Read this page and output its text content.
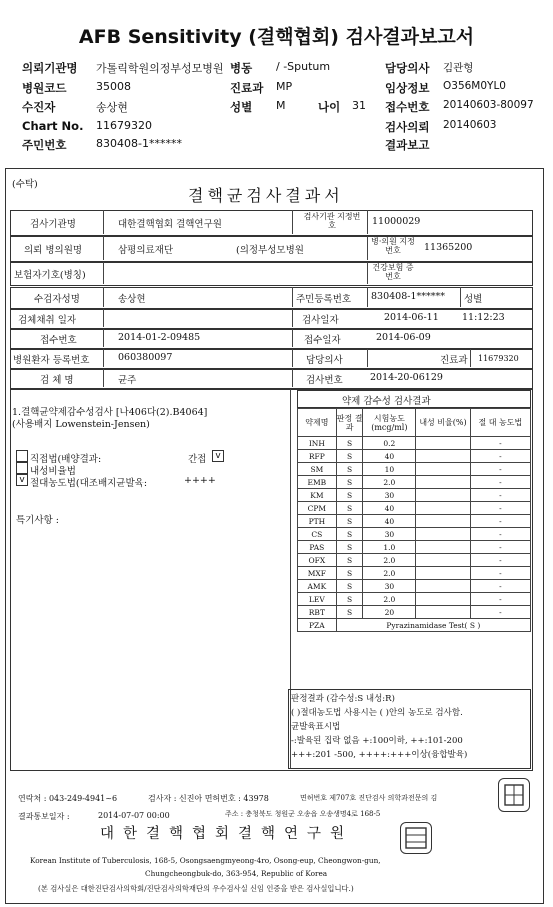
AFB Sensitivity (결핵협회) 검사결과보고서
의뢰기관명 가톨릭학원의정부성모병원
병원코드	35008
수진자	송상현
Chart No. 11679320
주민번호	830408-1******
병동 / -Sputum
진료과 MP
성별 M	나이 31
담당의사 김관형
임상정보 O356M0YL0
접수번호 20140603-80097
검사의뢰 20140603
결과보고
(수탁)
결핵균검사결과서
검사기관명	대한결핵협회 결핵연구원
검사기관 지정번호	11000029
의뢰 병의원명	삼평의료재단	(의정부성모병원
병·의원 지정번호	11365200
보험자기호(병칭)
건강보험 증번호
수검자성명	송상현	주민등록번호 830408-1****** 성별
검체채취 일자	검사일자	2014-06-11 11:12:23
접수번호	2014-01-2-09485	접수일자	2014-06-09
병원환자 등록번호	060380097	담당의사	진료과 11679320
검 체 명	균주	검사번호	2014-20-06129
1.결핵균약제감수성검사 [나406다(2).B4064]
(사용배지 Lowenstein-Jensen)
직접법(배양결과:	간접 v
내성비율법
v 절대농도법(대조배지균발육:	++++
특기사항 :
약제 감수성 검사결과
약제명	판정 결과	시험농도 (mcg/ml)	내성 비율(%)	절 대 농도법
INH	S	0.2		-
RFP	S	40		-
SM	S	10		-
EMB	S	2.0		-
KM	S	30		-
CPM	S	40		-
PTH	S	40		-
CS	S	30		-
PAS	S	1.0		-
OFX	S	2.0		-
MXF	S	2.0		-
AMK	S	30		-
LEV	S	2.0		-
RBT	S	20		-
PZA	Pyrazinamidase Test( S )			
판정결과 (감수성:S 내성:R)
( )절대농도법 사용시는 ( )안의 농도로 검사함.
균발육표시법
-:발육된 집락 없음 +:100이하, ++:101-200
+++:201 -500, ++++:+++이상(융합발육)
연락처 : 043-249-4941~6	검사자 : 신진아 면허번호 : 43978	면허번호 제707호 진단검사 의학과전문의 김
결과통보일자 :	2014-07-07 00:00	주소 : 충청북도 청원군 오송읍 오송생명4로 168-5
대한결핵협회결핵연구원
Korean Institute of Tuberculosis, 168-5, Osongsaengmyeong-4ro, Osong-eup, Cheongwon-gun,
Chungcheongbuk-do, 363-954, Republic of Korea
(본 검사실은 대한진단검사의학회/진단검사의학재단의 우수검사실 신임 인증을 받은 검사실입니다.)
